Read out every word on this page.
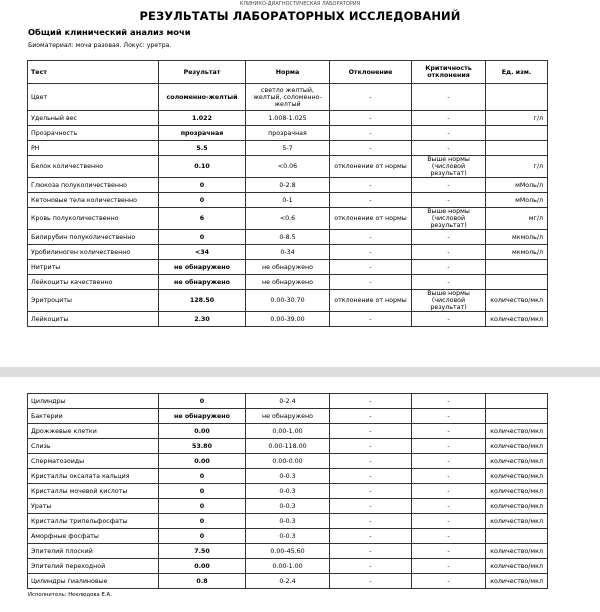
КЛИНИКО-ДИАГНОСТИЧЕСКАЯ ЛАБОРАТОРИЯ
РЕЗУЛЬТАТЫ ЛАБОРАТОРНЫХ ИССЛЕДОВАНИЙ
Общий клинический анализ мочи
Биоматериал: моча разовая. Локус: уретра.
Тест	Результат	Норма	Отклонение	Критичность отклонения	Ед. изм.
Цвет	соломенно-желтый	светло желтый, желтый, соломенно-желтый	-	-	
Удельный вес	1.022	1.008-1.025	-	-	г/л
Прозрачность	прозрачная	прозрачная	-	-	
PH	5.5	5-7	-	-	
Белок количественно	0.10	<0.06	отклонение от нормы	Выше нормы (числовой результат)	г/л
Глюкоза полуколичественно	0	0-2.8	-	-	мМоль/л
Кетоновые тела количественно	0	0-1	-	-	мМоль/л
Кровь полуколичественно	6	<0.6	отклонение от нормы	Выше нормы (числовой результат)	мг/л
Билирубин полуколичественно	0	0-8.5	-	-	мкмоль/л
Уробилиноген количественно	<34	0-34	-	-	мкмоль/л
Нитриты	не обнаружено	не обнаружено	-	-	
Лейкоциты качественно	не обнаружено	не обнаружено	-	-	
Эритроциты	128.50	0.00-30.70	отклонение от нормы	Выше нормы (числовой результат)	количество/мкл
Лейкоциты	2.30	0.00-39.00	-	-	количество/мкл
Цилиндры	0	0-2.4	-	-	
Бактерии	не обнаружено	не обнаружено	-	-	
Дрожжевые клетки	0.00	0.00-1.00	-	-	количество/мкл
Слизь	53.80	0.00-118.00	-	-	количество/мкл
Сперматозоиды	0.00	0.00-0.00	-	-	количество/мкл
Кристаллы оксалата кальция	0	0-0.3	-	-	количество/мкл
Кристаллы мочевой кислоты	0	0-0.3	-	-	количество/мкл
Ураты	0	0-0.3	-	-	количество/мкл
Кристаллы трипельфосфаты	0	0-0.3	-	-	количество/мкл
Аморфные фосфаты	0	0-0.3	-	-	
Эпителий плоский	7.50	0.00-45.60	-	-	количество/мкл
Эпителий переходной	0.00	0.00-1.00	-	-	количество/мкл
Цилиндры гиалиновые	0.8	0-2.4	-	-	количество/мкл
Исполнитель: Неклюдова Е.А.
